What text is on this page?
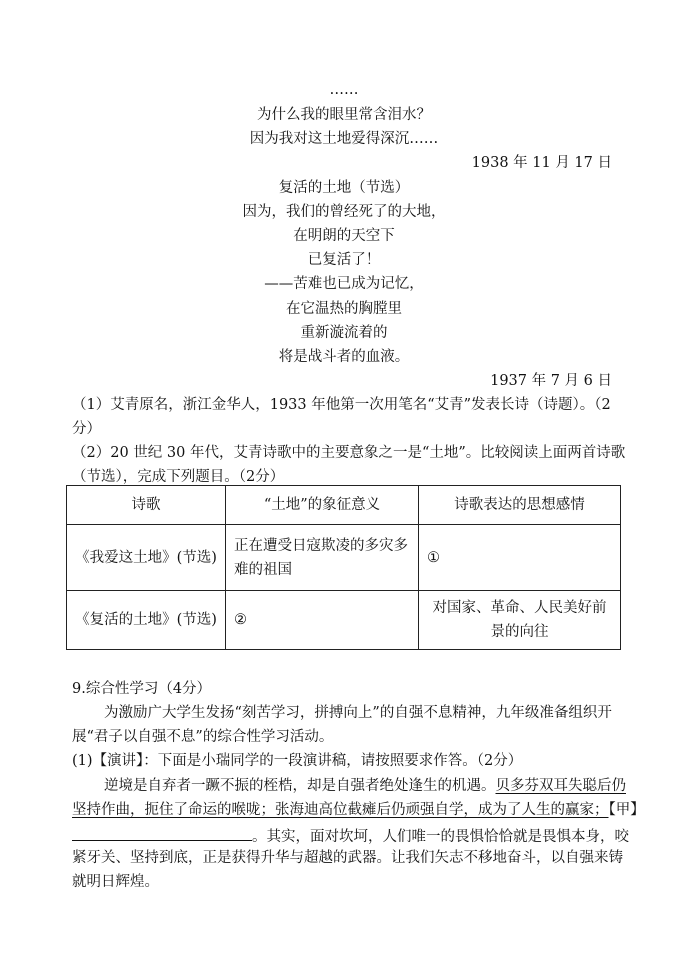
……
为什么我的眼里常含泪水？
因为我对这土地爱得深沉……
1938 年 11 月 17 日
复活的土地（节选）
因为，我们的曾经死了的大地，
在明朗的天空下
已复活了！
——苦难也已成为记忆，
在它温热的胸膛里
重新漩流着的
将是战斗者的血液。
1937 年 7 月 6 日
（1）艾青原名，浙江金华人，1933 年他第一次用笔名“艾青”发表长诗（诗题）。（2
分）
（2）20 世纪 30 年代，艾青诗歌中的主要意象之一是“土地”。比较阅读上面两首诗歌
（节选），完成下列题目。（2分）
诗歌	“土地”的象征意义	诗歌表达的思想感情
《我爱这土地》(节选)	正在遭受日寇欺凌的多灾多难的祖国	①
《复活的土地》(节选)	②	对国家、革命、人民美好前景的向往
9.综合性学习（4分）
为激励广大学生发扬“刻苦学习，拼搏向上”的自强不息精神，九年级准备组织开
展“君子以自强不息”的综合性学习活动。
(1)【演讲】：下面是小瑞同学的一段演讲稿，请按照要求作答。（2分）
逆境是自弃者一蹶不振的桎梏，却是自强者绝处逢生的机遇。贝多芬双耳失聪后仍
坚持作曲，扼住了命运的喉咙；张海迪高位截瘫后仍顽强自学，成为了人生的赢家；【甲】
。其实，面对坎坷，人们唯一的畏惧恰恰就是畏惧本身，咬
紧牙关、坚持到底，正是获得升华与超越的武器。让我们矢志不移地奋斗，以自强来铸
就明日辉煌。
